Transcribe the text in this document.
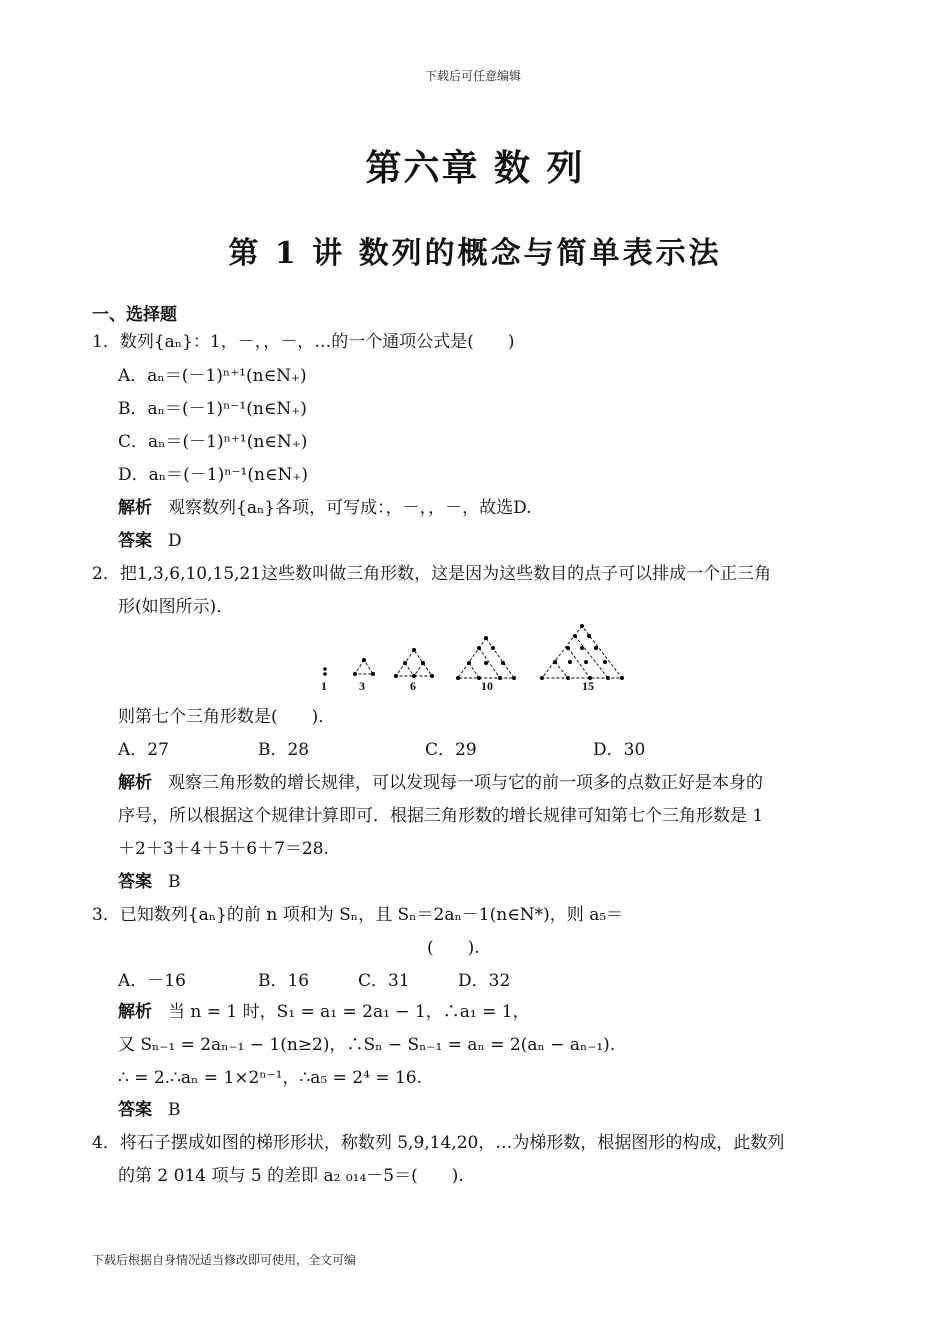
下载后可任意编辑
第六章 数 列
第 1 讲 数列的概念与简单表示法
一、选择题
1．数列{aₙ}：1，－，，－，…的一个通项公式是(　　)
A．aₙ＝(－1)ⁿ⁺¹(n∈N₊)
B．aₙ＝(－1)ⁿ⁻¹(n∈N₊)
C．aₙ＝(－1)ⁿ⁺¹(n∈N₊)
D．aₙ＝(－1)ⁿ⁻¹(n∈N₊)
解析 观察数列{aₙ}各项，可写成：，－，，－，故选D.
答案 D
2．把1,3,6,10,15,21这些数叫做三角形数，这是因为这些数目的点子可以排成一个正三角
形(如图所示)．
1	3	6	10	15
则第七个三角形数是(　　)．
A．27	B．28	C．29	D．30
解析 观察三角形数的增长规律，可以发现每一项与它的前一项多的点数正好是本身的
序号，所以根据这个规律计算即可．根据三角形数的增长规律可知第七个三角形数是 1
＋2＋3＋4＋5＋6＋7＝28.
答案 B
3．已知数列{aₙ}的前 n 项和为 Sₙ，且 Sₙ＝2aₙ－1(n∈N*)，则 a₅＝
(　　).
A．－16	B．16	C．31	D．32
解析 当 n = 1 时，S₁ = a₁ = 2a₁ − 1，∴a₁ = 1，
又 Sₙ₋₁ = 2aₙ₋₁ − 1(n≥2)，∴Sₙ − Sₙ₋₁ = aₙ = 2(aₙ − aₙ₋₁).
∴ = 2.∴aₙ = 1×2ⁿ⁻¹，∴a₅ = 2⁴ = 16.
答案 B
4．将石子摆成如图的梯形形状，称数列 5,9,14,20，…为梯形数，根据图形的构成，此数列
的第 2 014 项与 5 的差即 a₂ ₀₁₄－5＝(　　).
下载后根据自身情况适当修改即可使用，全文可编
